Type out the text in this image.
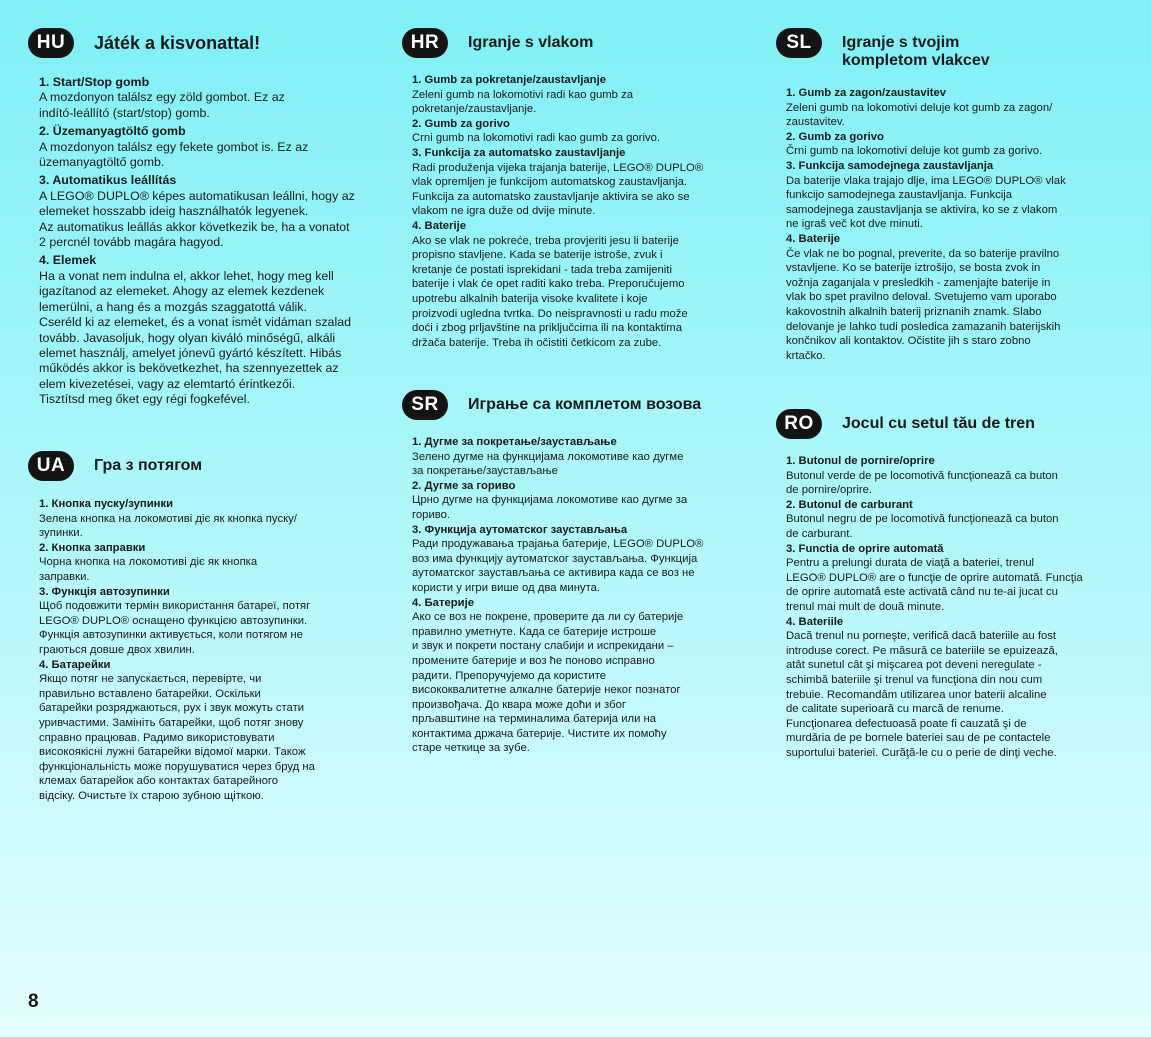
HU	Játék a kisvonattal!
1. Start/Stop gomb
A mozdonyon találsz egy zöld gombot. Ez az
indító-leállító (start/stop) gomb.
2. Üzemanyagtöltő gomb
A mozdonyon találsz egy fekete gombot is. Ez az
üzemanyagtöltő gomb.
3. Automatikus leállítás
A LEGO® DUPLO® képes automatikusan leállni, hogy az
elemeket hosszabb ideig használhatók legyenek.
Az automatikus leállás akkor következik be, ha a vonatot
2 percnél tovább magára hagyod.
4. Elemek
Ha a vonat nem indulna el, akkor lehet, hogy meg kell
igazítanod az elemeket. Ahogy az elemek kezdenek
lemerülni, a hang és a mozgás szaggatottá válik.
Cseréld ki az elemeket, és a vonat ismét vidáman szalad
tovább. Javasoljuk, hogy olyan kiváló minőségű, alkáli
elemet használj, amelyet jónevű gyártó készített. Hibás
működés akkor is bekövetkezhet, ha szennyezettek az
elem kivezetései, vagy az elemtartó érintkezői.
Tisztítsd meg őket egy régi fogkefével.
UA	Гра з потягом
1. Кнопка пуску/зупинки
Зелена кнопка на локомотиві діє як кнопка пуску/
зупинки.
2. Кнопка заправки
Чорна кнопка на локомотиві діє як кнопка
заправки.
3. Функція автозупинки
Щоб подовжити термін використання батареї, потяг
LEGO® DUPLO® оснащено функцією автозупинки.
Функція автозупинки активується, коли потягом не
граються довше двох хвилин.
4. Батарейки
Якщо потяг не запускається, перевірте, чи
правильно вставлено батарейки. Оскільки
батарейки розряджаються, рух і звук можуть стати
уривчастими. Замініть батарейки, щоб потяг знову
справно працював. Радимо використовувати
високоякісні лужні батарейки відомої марки. Також
функціональність може порушуватися через бруд на
клемах батарейок або контактах батарейного
відсіку. Очистьте їх старою зубною щіткою.
HR	Igranje s vlakom
1. Gumb za pokretanje/zaustavljanje
Zeleni gumb na lokomotivi radi kao gumb za
pokretanje/zaustavljanje.
2. Gumb za gorivo
Crni gumb na lokomotivi radi kao gumb za gorivo.
3. Funkcija za automatsko zaustavljanje
Radi produženja vijeka trajanja baterije, LEGO® DUPLO®
vlak opremljen je funkcijom automatskog zaustavljanja.
Funkcija za automatsko zaustavljanje aktivira se ako se
vlakom ne igra duže od dvije minute.
4. Baterije
Ako se vlak ne pokreće, treba provjeriti jesu li baterije
propisno stavljene. Kada se baterije istroše, zvuk i
kretanje će postati isprekidani - tada treba zamijeniti
baterije i vlak će opet raditi kako treba. Preporučujemo
upotrebu alkalnih baterija visoke kvalitete i koje
proizvodi ugledna tvrtka. Do neispravnosti u radu može
doći i zbog prljavštine na priključcima ili na kontaktima
držača baterije. Treba ih očistiti četkicom za zube.
SR	Играње са комплетом возова
1. Дугме за покретање/заустављање
Зелено дугме на функцијама локомотиве као дугме
за покретање/заустављање
2. Дугме за гориво
Црно дугме на функцијама локомотиве као дугме за
гориво.
3. Функција аутоматског заустављања
Ради продужавања трајања батерије, LEGO® DUPLO®
воз има функцију аутоматског заустављања. Функција
аутоматског заустављања се активира када се воз не
користи у игри више од два минута.
4. Батерије
Ако се воз не покрене, проверите да ли су батерије
правилно уметнуте. Када се батерије истроше
и звук и покрети постану слабији и испрекидани –
промените батерије и воз ће поново исправно
радити. Препоручујемо да користите
висококвалитетне алкалне батерије неког познатог
произвођача. До квара може доћи и због
прљавштине на терминалима батерија или на
контактима држача батерије. Чистите их помоћу
старе четкице за зубе.
SL	Igranje s tvojim kompletom vlakcev
1. Gumb za zagon/zaustavitev
Zeleni gumb na lokomotivi deluje kot gumb za zagon/
zaustavitev.
2. Gumb za gorivo
Črni gumb na lokomotivi deluje kot gumb za gorivo.
3. Funkcija samodejnega zaustavljanja
Da baterije vlaka trajajo dlje, ima LEGO® DUPLO® vlak
funkcijo samodejnega zaustavljanja. Funkcija
samodejnega zaustavljanja se aktivira, ko se z vlakom
ne igraš več kot dve minuti.
4. Baterije
Če vlak ne bo pognal, preverite, da so baterije pravilno
vstavljene. Ko se baterije iztrošijo, se bosta zvok in
vožnja zaganjala v presledkih - zamenjajte baterije in
vlak bo spet pravilno deloval. Svetujemo vam uporabo
kakovostnih alkalnih baterij priznanih znamk. Slabo
delovanje je lahko tudi posledica zamazanih baterijskih
končnikov ali kontaktov. Očistite jih s staro zobno
krtačko.
RO	Jocul cu setul tău de tren
1. Butonul de pornire/oprire
Butonul verde de pe locomotivă funcţionează ca buton
de pornire/oprire.
2. Butonul de carburant
Butonul negru de pe locomotivă funcţionează ca buton
de carburant.
3. Functia de oprire automată
Pentru a prelungi durata de viaţă a bateriei, trenul
LEGO® DUPLO® are o funcţie de oprire automată. Funcţia
de oprire automată este activată când nu te-ai jucat cu
trenul mai mult de două minute.
4. Bateriile
Dacă trenul nu porneşte, verifică dacă bateriile au fost
introduse corect. Pe măsură ce bateriile se epuizează,
atât sunetul cât şi mişcarea pot deveni neregulate -
schimbă bateriile şi trenul va funcţiona din nou cum
trebuie. Recomandăm utilizarea unor baterii alcaline
de calitate superioară cu marcă de renume.
Funcţionarea defectuoasă poate fi cauzată şi de
murdăria de pe bornele bateriei sau de pe contactele
suportului bateriei. Curăţă-le cu o perie de dinţi veche.
8
